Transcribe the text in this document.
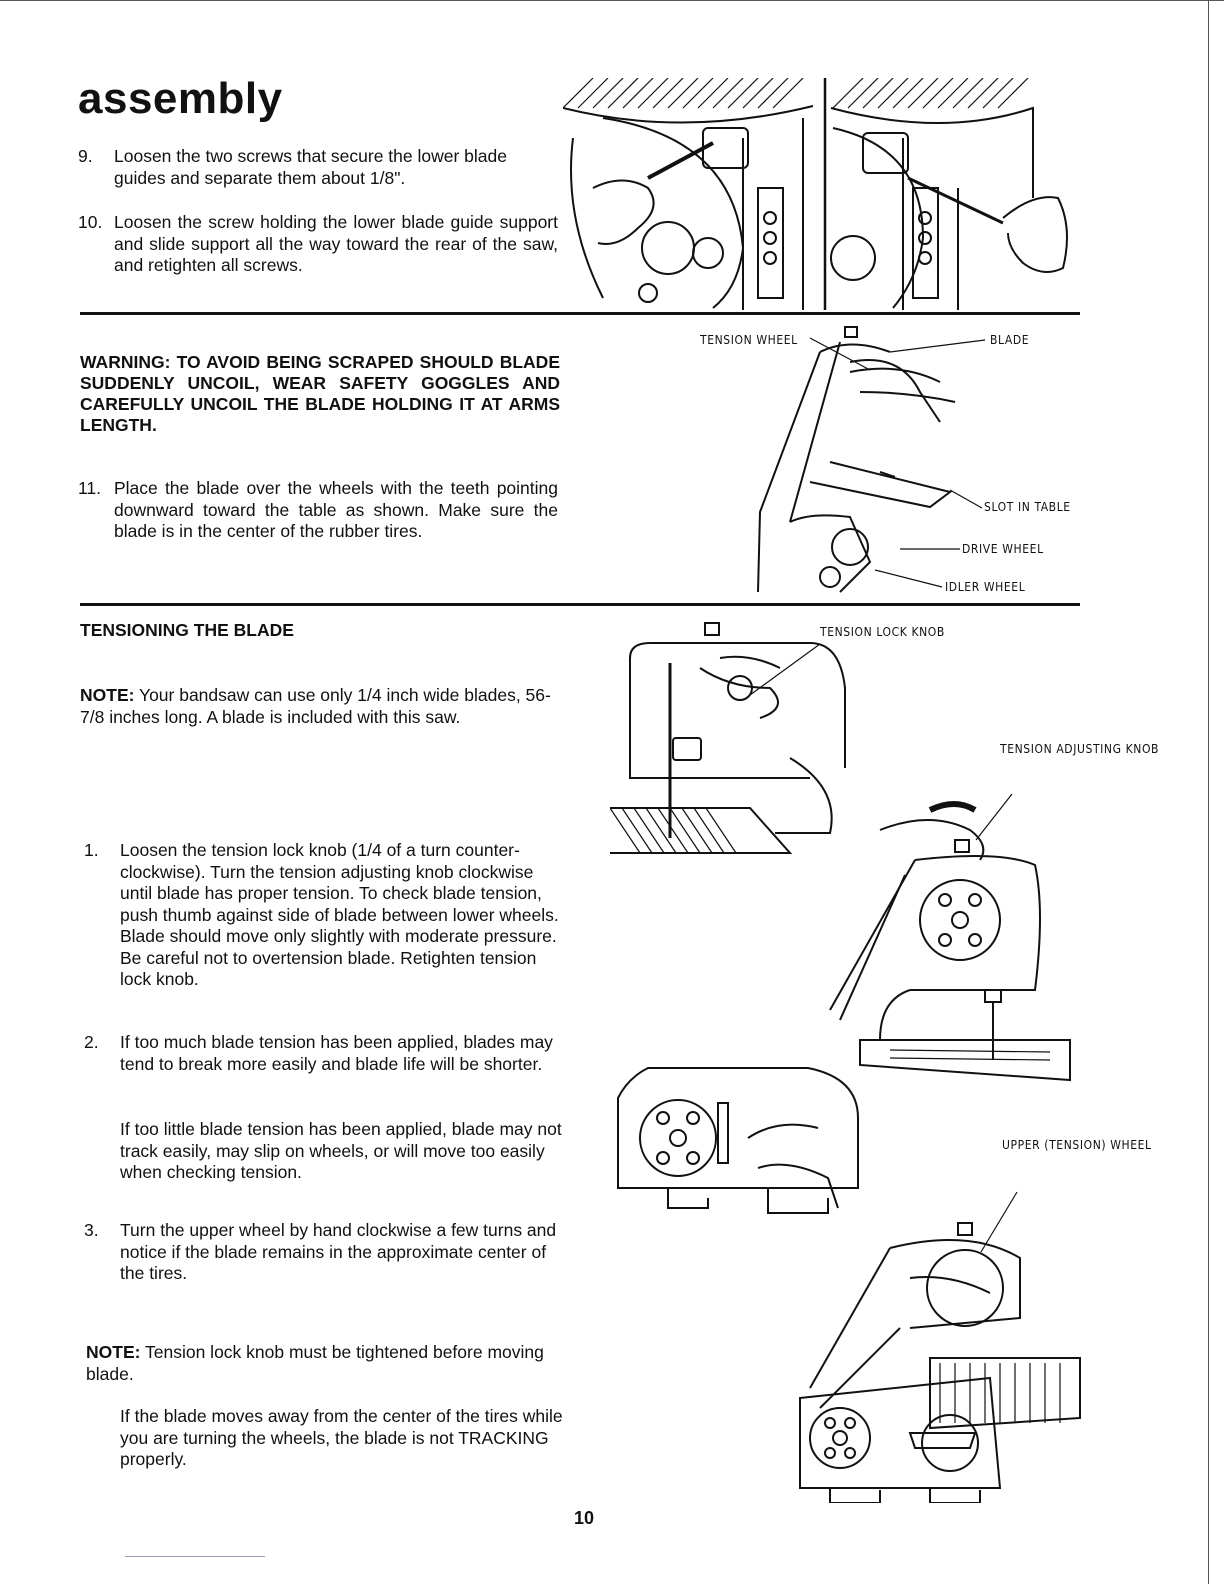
assembly
9. Loosen the two screws that secure the lower blade guides and separate them about 1/8".
10. Loosen the screw holding the lower blade guide support and slide support all the way toward the rear of the saw, and retighten all screws.
WARNING: TO AVOID BEING SCRAPED SHOULD BLADE SUDDENLY UNCOIL, WEAR SAFETY GOGGLES AND CAREFULLY UNCOIL THE BLADE HOLDING IT AT ARMS LENGTH.
11. Place the blade over the wheels with the teeth pointing downward toward the table as shown. Make sure the blade is in the center of the rubber tires.
TENSIONING THE BLADE
NOTE: Your bandsaw can use only 1/4 inch wide blades, 56-7/8 inches long. A blade is included with this saw.
1. Loosen the tension lock knob (1/4 of a turn counter-clockwise). Turn the tension adjusting knob clockwise until blade has proper tension. To check blade tension, push thumb against side of blade between lower wheels. Blade should move only slightly with moderate pressure. Be careful not to overtension blade. Retighten tension lock knob.
2. If too much blade tension has been applied, blades may tend to break more easily and blade life will be shorter.
If too little blade tension has been applied, blade may not track easily, may slip on wheels, or will move too easily when checking tension.
3. Turn the upper wheel by hand clockwise a few turns and notice if the blade remains in the approximate center of the tires.
NOTE: Tension lock knob must be tightened before moving blade.
If the blade moves away from the center of the tires while you are turning the wheels, the blade is not TRACKING properly.
TENSION WHEEL	BLADE
SLOT IN TABLE
DRIVE WHEEL
IDLER WHEEL
TENSION LOCK KNOB
TENSION ADJUSTING KNOB
UPPER (TENSION) WHEEL
10
